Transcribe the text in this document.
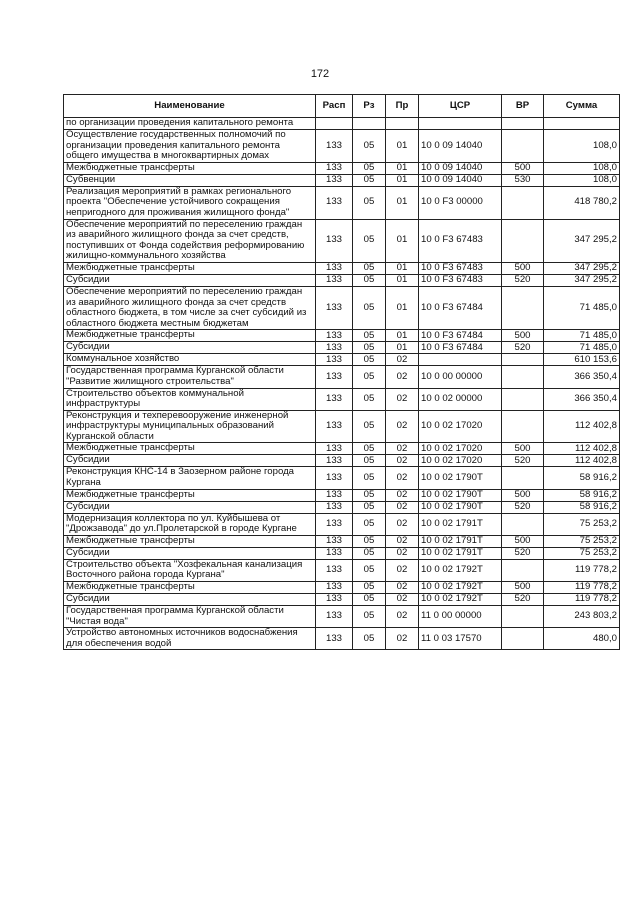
172
Наименование	Расп	Рз	Пр	ЦСР	ВР	Сумма
по организации проведения капитального ремонта						
Осуществление государственных полномочий по организации проведения капитального ремонта общего имущества в многоквартирных домах	133	05	01	10 0 09 14040		108,0
Межбюджетные трансферты	133	05	01	10 0 09 14040	500	108,0
Субвенции	133	05	01	10 0 09 14040	530	108,0
Реализация мероприятий в рамках регионального проекта "Обеспечение устойчивого сокращения непригодного для проживания жилищного фонда"	133	05	01	10 0 F3 00000		418 780,2
Обеспечение мероприятий по переселению граждан из аварийного жилищного фонда за счет средств, поступивших от Фонда содействия реформированию жилищно-коммунального хозяйства	133	05	01	10 0 F3 67483		347 295,2
Межбюджетные трансферты	133	05	01	10 0 F3 67483	500	347 295,2
Субсидии	133	05	01	10 0 F3 67483	520	347 295,2
Обеспечение мероприятий по переселению граждан из аварийного жилищного фонда за счет средств областного бюджета, в том числе за счет субсидий из областного бюджета местным бюджетам	133	05	01	10 0 F3 67484		71 485,0
Межбюджетные трансферты	133	05	01	10 0 F3 67484	500	71 485,0
Субсидии	133	05	01	10 0 F3 67484	520	71 485,0
Коммунальное хозяйство	133	05	02			610 153,6
Государственная программа Курганской области "Развитие жилищного строительства"	133	05	02	10 0 00 00000		366 350,4
Строительство объектов коммунальной инфраструктуры	133	05	02	10 0 02 00000		366 350,4
Реконструкция и техперевооружение инженерной инфраструктуры муниципальных образований Курганской области	133	05	02	10 0 02 17020		112 402,8
Межбюджетные трансферты	133	05	02	10 0 02 17020	500	112 402,8
Субсидии	133	05	02	10 0 02 17020	520	112 402,8
Реконструкция КНС-14 в Заозерном районе города Кургана	133	05	02	10 0 02 1790Т		58 916,2
Межбюджетные трансферты	133	05	02	10 0 02 1790Т	500	58 916,2
Субсидии	133	05	02	10 0 02 1790Т	520	58 916,2
Модернизация коллектора по ул. Куйбышева от "Дрожзавода" до ул.Пролетарской в городе Кургане	133	05	02	10 0 02 1791Т		75 253,2
Межбюджетные трансферты	133	05	02	10 0 02 1791Т	500	75 253,2
Субсидии	133	05	02	10 0 02 1791Т	520	75 253,2
Строительство объекта "Хозфекальная канализация Восточного района города Кургана"	133	05	02	10 0 02 1792Т		119 778,2
Межбюджетные трансферты	133	05	02	10 0 02 1792Т	500	119 778,2
Субсидии	133	05	02	10 0 02 1792Т	520	119 778,2
Государственная программа Курганской области "Чистая вода"	133	05	02	11 0 00 00000		243 803,2
Устройство автономных источников водоснабжения для обеспечения водой	133	05	02	11 0 03 17570		480,0
